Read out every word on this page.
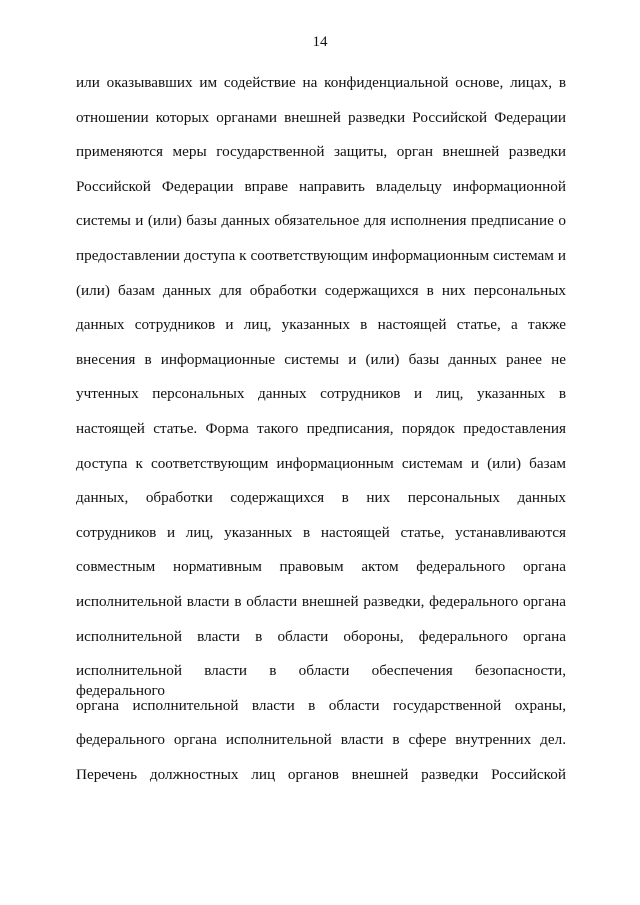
14
или оказывавших им содействие на конфиденциальной основе, лицах, в
отношении которых органами внешней разведки Российской Федерации
применяются меры государственной защиты, орган внешней разведки
Российской Федерации вправе направить владельцу информационной
системы и (или) базы данных обязательное для исполнения предписание о
предоставлении доступа к соответствующим информационным системам и
(или) базам данных для обработки содержащихся в них персональных
данных сотрудников и лиц, указанных в настоящей статье, а также
внесения в информационные системы и (или) базы данных ранее не
учтенных персональных данных сотрудников и лиц, указанных в
настоящей статье. Форма такого предписания, порядок предоставления
доступа к соответствующим информационным системам и (или) базам
данных, обработки содержащихся в них персональных данных
сотрудников и лиц, указанных в настоящей статье, устанавливаются
совместным нормативным правовым актом федерального органа
исполнительной власти в области внешней разведки, федерального органа
исполнительной власти в области обороны, федерального органа
исполнительной власти в области обеспечения безопасности, федерального
органа исполнительной власти в области государственной охраны,
федерального органа исполнительной власти в сфере внутренних дел.
Перечень должностных лиц органов внешней разведки Российской
